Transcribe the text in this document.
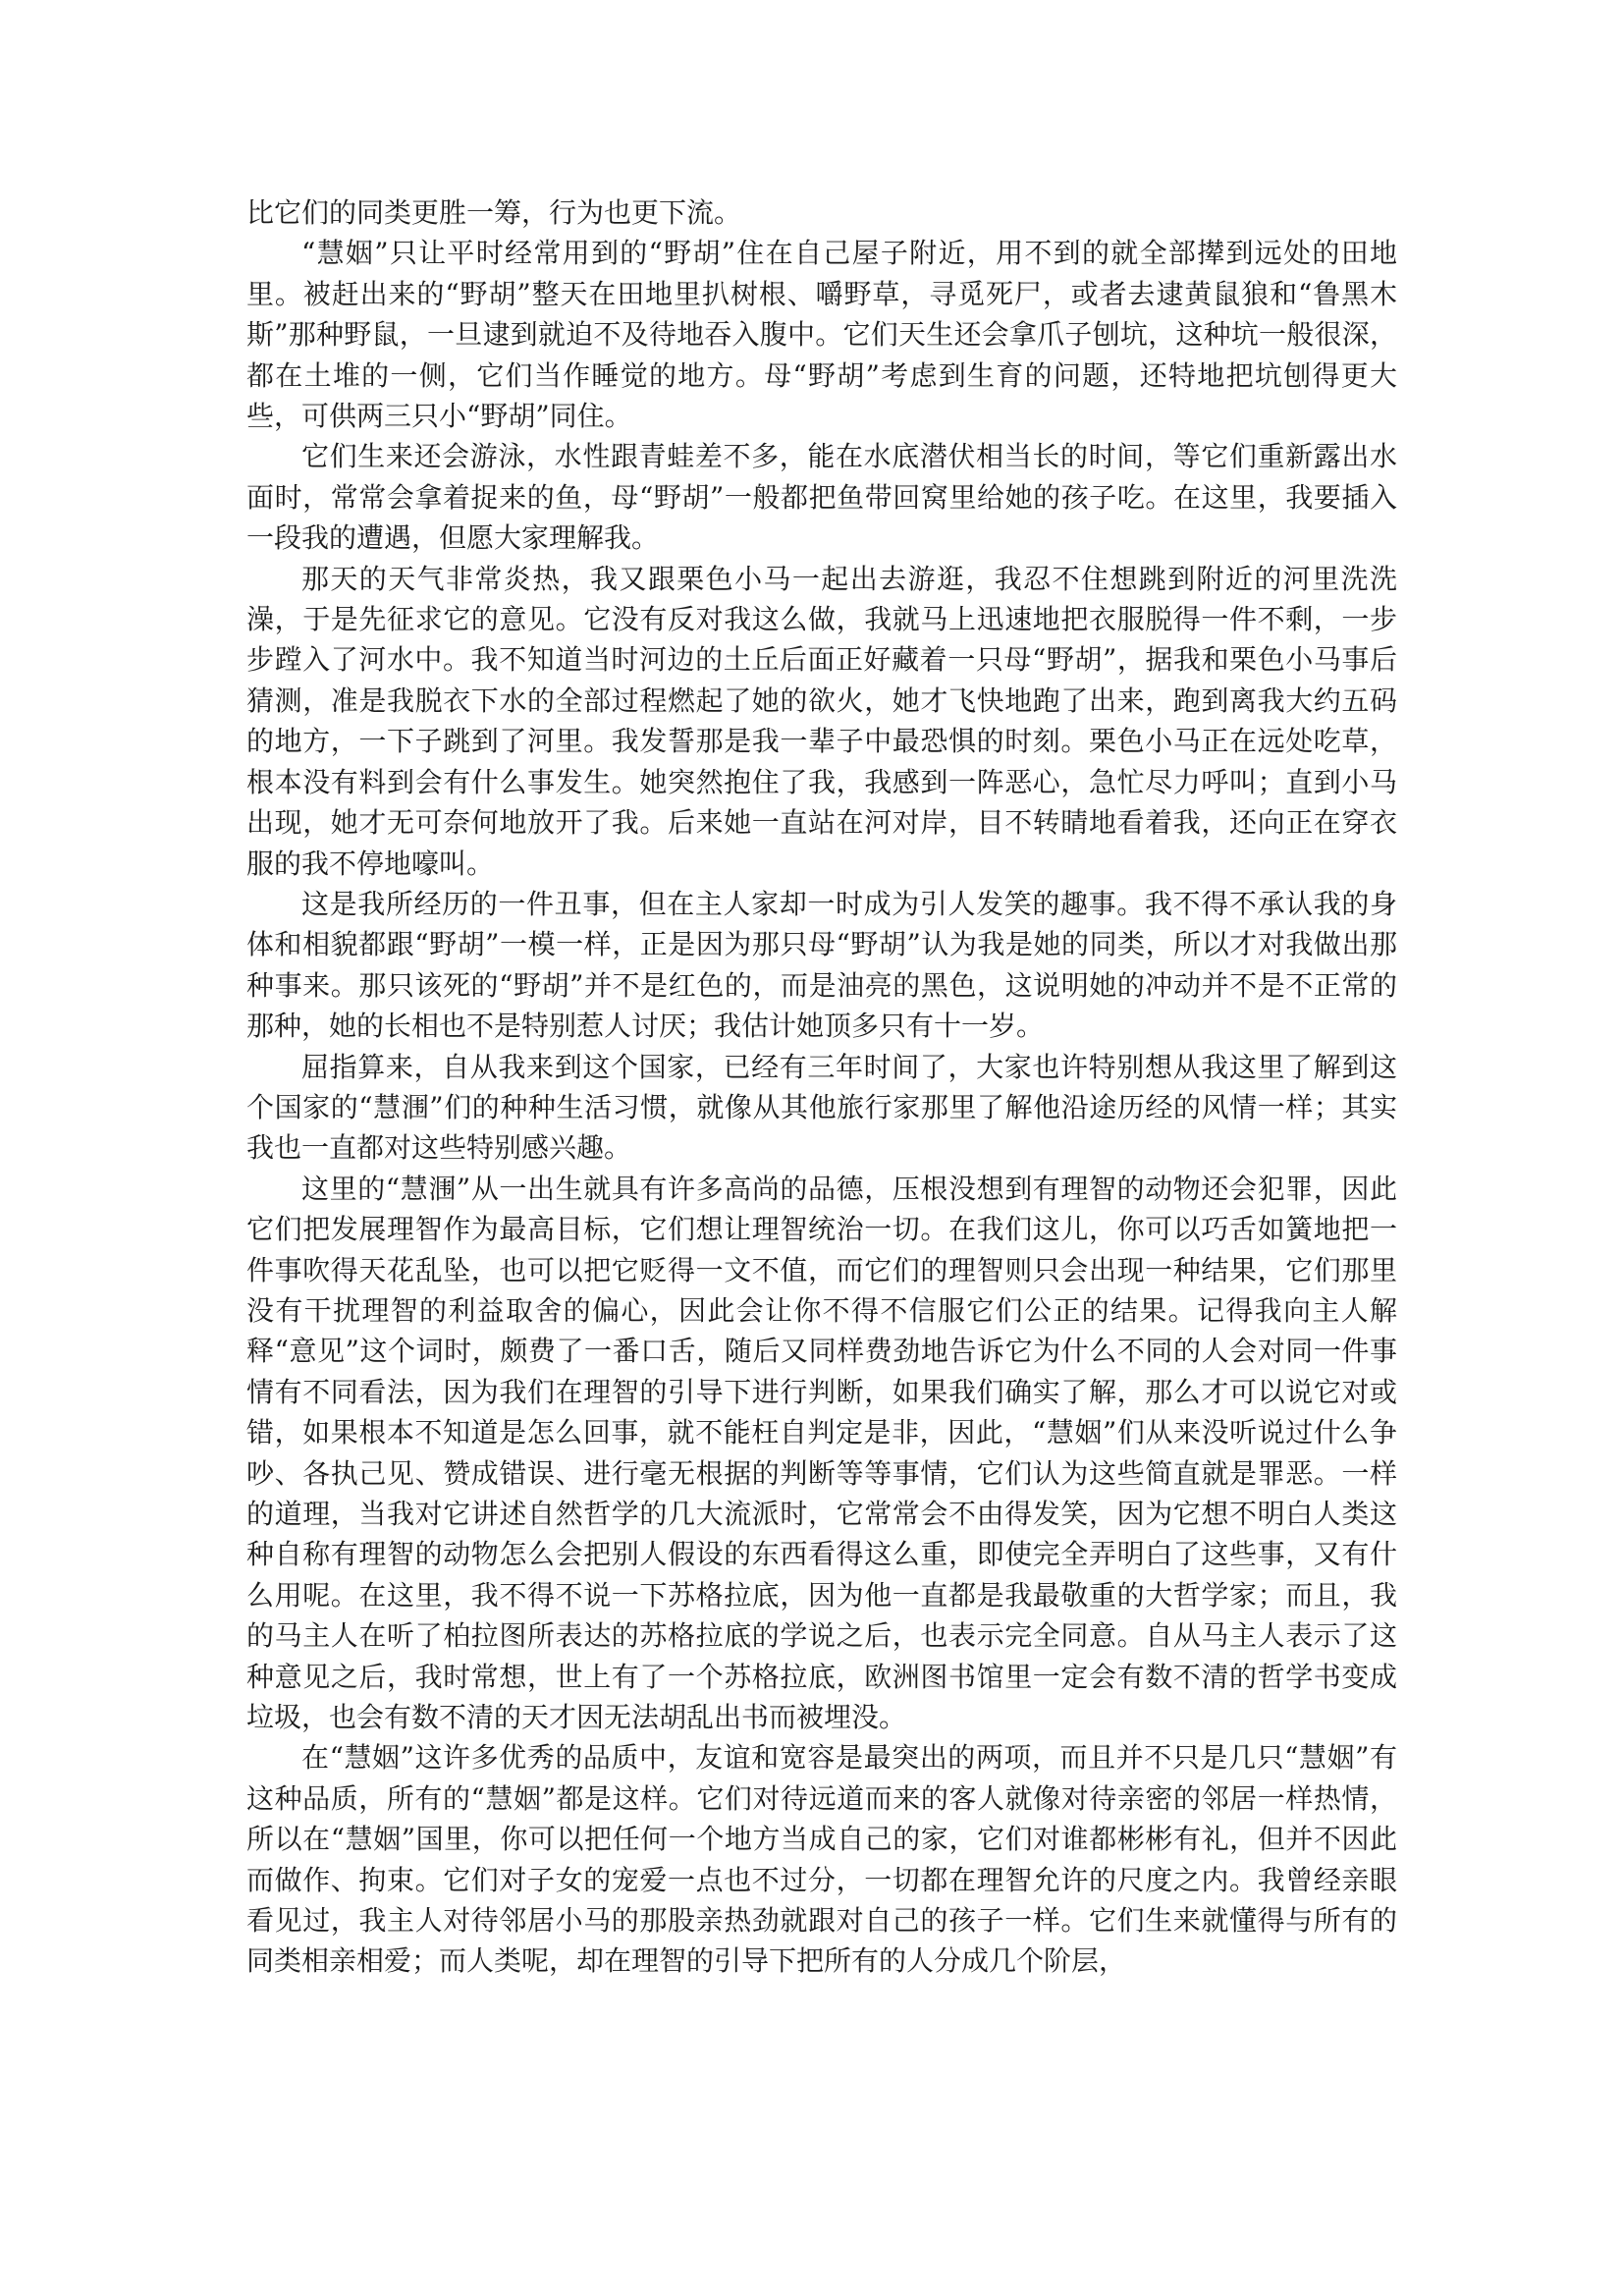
比它们的同类更胜一筹，行为也更下流。

“慧姻”只让平时经常用到的“野胡”住在自己屋子附近，用不到的就全部撵到远处的田地里。被赶出来的“野胡”整天在田地里扒树根、嚼野草，寻觅死尸，或者去逮黄鼠狼和“鲁黑木斯”那种野鼠，一旦逮到就迫不及待地吞入腹中。它们天生还会拿爪子刨坑，这种坑一般很深，都在土堆的一侧，它们当作睡觉的地方。母“野胡”考虑到生育的问题，还特地把坑刨得更大些，可供两三只小“野胡”同住。

它们生来还会游泳，水性跟青蛙差不多，能在水底潜伏相当长的时间，等它们重新露出水面时，常常会拿着捉来的鱼，母“野胡”一般都把鱼带回窝里给她的孩子吃。在这里，我要插入一段我的遭遇，但愿大家理解我。

那天的天气非常炎热，我又跟栗色小马一起出去游逛，我忍不住想跳到附近的河里洗洗澡，于是先征求它的意见。它没有反对我这么做，我就马上迅速地把衣服脱得一件不剩，一步步蹚入了河水中。我不知道当时河边的土丘后面正好藏着一只母“野胡”，据我和栗色小马事后猜测，准是我脱衣下水的全部过程燃起了她的欲火，她才飞快地跑了出来，跑到离我大约五码的地方，一下子跳到了河里。我发誓那是我一辈子中最恐惧的时刻。栗色小马正在远处吃草，根本没有料到会有什么事发生。她突然抱住了我，我感到一阵恶心，急忙尽力呼叫；直到小马出现，她才无可奈何地放开了我。后来她一直站在河对岸，目不转睛地看着我，还向正在穿衣服的我不停地嚎叫。

这是我所经历的一件丑事，但在主人家却一时成为引人发笑的趣事。我不得不承认我的身体和相貌都跟“野胡”一模一样，正是因为那只母“野胡”认为我是她的同类，所以才对我做出那种事来。那只该死的“野胡”并不是红色的，而是油亮的黑色，这说明她的冲动并不是不正常的那种，她的长相也不是特别惹人讨厌；我估计她顶多只有十一岁。

屈指算来，自从我来到这个国家，已经有三年时间了，大家也许特别想从我这里了解到这个国家的“慧涠”们的种种生活习惯，就像从其他旅行家那里了解他沿途历经的风情一样；其实我也一直都对这些特别感兴趣。

这里的“慧涠”从一出生就具有许多高尚的品德，压根没想到有理智的动物还会犯罪，因此它们把发展理智作为最高目标，它们想让理智统治一切。在我们这儿，你可以巧舌如簧地把一件事吹得天花乱坠，也可以把它贬得一文不值，而它们的理智则只会出现一种结果，它们那里没有干扰理智的利益取舍的偏心，因此会让你不得不信服它们公正的结果。记得我向主人解释“意见”这个词时，颇费了一番口舌，随后又同样费劲地告诉它为什么不同的人会对同一件事情有不同看法，因为我们在理智的引导下进行判断，如果我们确实了解，那么才可以说它对或错，如果根本不知道是怎么回事，就不能枉自判定是非，因此，“慧姻”们从来没听说过什么争吵、各执己见、赞成错误、进行毫无根据的判断等等事情，它们认为这些简直就是罪恶。一样的道理，当我对它讲述自然哲学的几大流派时，它常常会不由得发笑，因为它想不明白人类这种自称有理智的动物怎么会把别人假设的东西看得这么重，即使完全弄明白了这些事，又有什么用呢。在这里，我不得不说一下苏格拉底，因为他一直都是我最敬重的大哲学家；而且，我的马主人在听了柏拉图所表达的苏格拉底的学说之后，也表示完全同意。自从马主人表示了这种意见之后，我时常想，世上有了一个苏格拉底，欧洲图书馆里一定会有数不清的哲学书变成垃圾，也会有数不清的天才因无法胡乱出书而被埋没。

在“慧姻”这许多优秀的品质中，友谊和宽容是最突出的两项，而且并不只是几只“慧姻”有这种品质，所有的“慧姻”都是这样。它们对待远道而来的客人就像对待亲密的邻居一样热情，所以在“慧姻”国里，你可以把任何一个地方当成自己的家，它们对谁都彬彬有礼，但并不因此而做作、拘束。它们对子女的宠爱一点也不过分，一切都在理智允许的尺度之内。我曾经亲眼看见过，我主人对待邻居小马的那股亲热劲就跟对自己的孩子一样。它们生来就懂得与所有的同类相亲相爱；而人类呢，却在理智的引导下把所有的人分成几个阶层，
